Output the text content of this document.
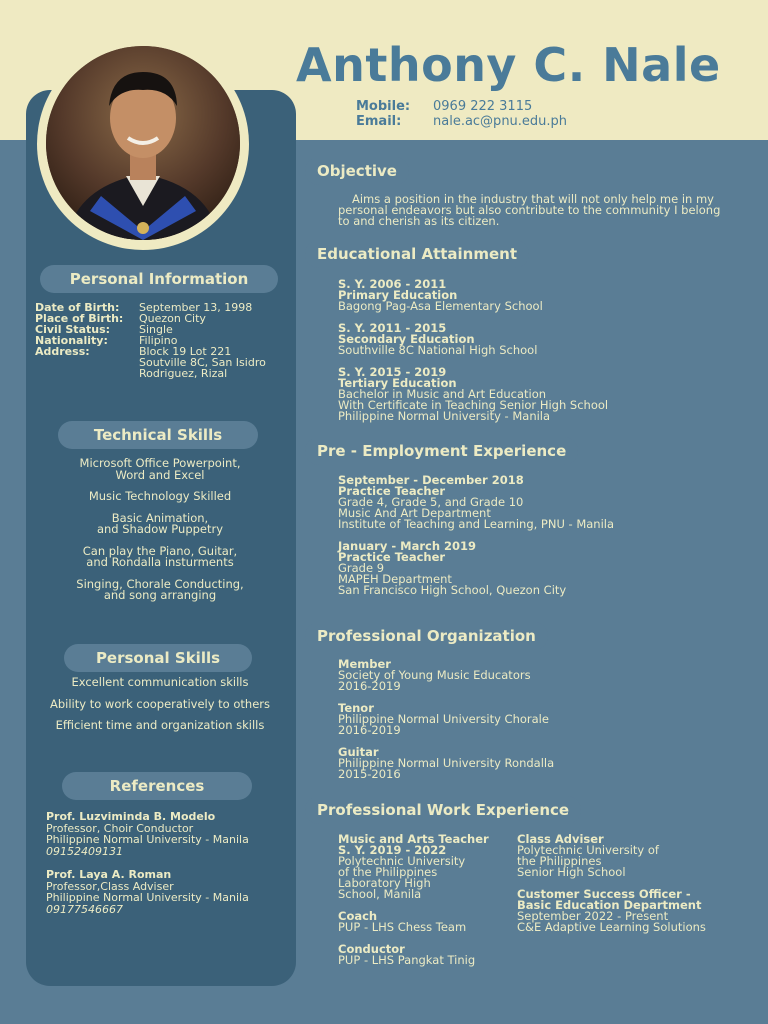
Anthony C. Nale
Mobile:	0969 222 3115
Email:	nale.ac@pnu.edu.ph
Personal Information
Date of Birth:	September 13, 1998
Place of Birth:	Quezon City
Civil Status:	Single
Nationality:	Filipino
Address:	Block 19 Lot 221
Soutville 8C, San Isidro
Rodriguez, Rizal
Technical Skills
Microsoft Office Powerpoint,
Word and Excel
Music Technology Skilled
Basic Animation,
and Shadow Puppetry
Can play the Piano, Guitar,
and Rondalla insturments
Singing, Chorale Conducting,
and song arranging
Personal Skills
Excellent communication skills
Ability to work cooperatively to others
Efficient time and organization skills
References
Prof. Luzviminda B. Modelo
Professor, Choir Conductor
Philippine Normal University - Manila
09152409131
Prof. Laya A. Roman
Professor,Class Adviser
Philippine Normal University - Manila
09177546667
Objective
Aims a position in the industry that will not only help me in my personal endeavors but also contribute to the community I belong to and cherish as its citizen.
Educational Attainment
S. Y. 2006 - 2011
Primary Education
Bagong Pag-Asa Elementary School
S. Y. 2011 - 2015
Secondary Education
Southville 8C National High School
S. Y. 2015 - 2019
Tertiary Education
Bachelor in Music and Art Education
With Certificate in Teaching Senior High School
Philippine Normal University - Manila
Pre - Employment Experience
September - December 2018
Practice Teacher
Grade 4, Grade 5, and Grade 10
Music And Art Department
Institute of Teaching and Learning, PNU - Manila
January - March 2019
Practice Teacher
Grade 9
MAPEH Department
San Francisco High School, Quezon City
Professional Organization
Member
Society of Young Music Educators
2016-2019
Tenor
Philippine Normal University Chorale
2016-2019
Guitar
Philippine Normal University Rondalla
2015-2016
Professional Work Experience
Music and Arts Teacher
S. Y. 2019 - 2022
Polytechnic University
of the Philippines
Laboratory High
School, Manila
Coach
PUP - LHS Chess Team
Conductor
PUP - LHS Pangkat Tinig
Class Adviser
Polytechnic University of
the Philippines
Senior High School
Customer Success Officer -
Basic Education Department
September 2022 - Present
C&E Adaptive Learning Solutions
